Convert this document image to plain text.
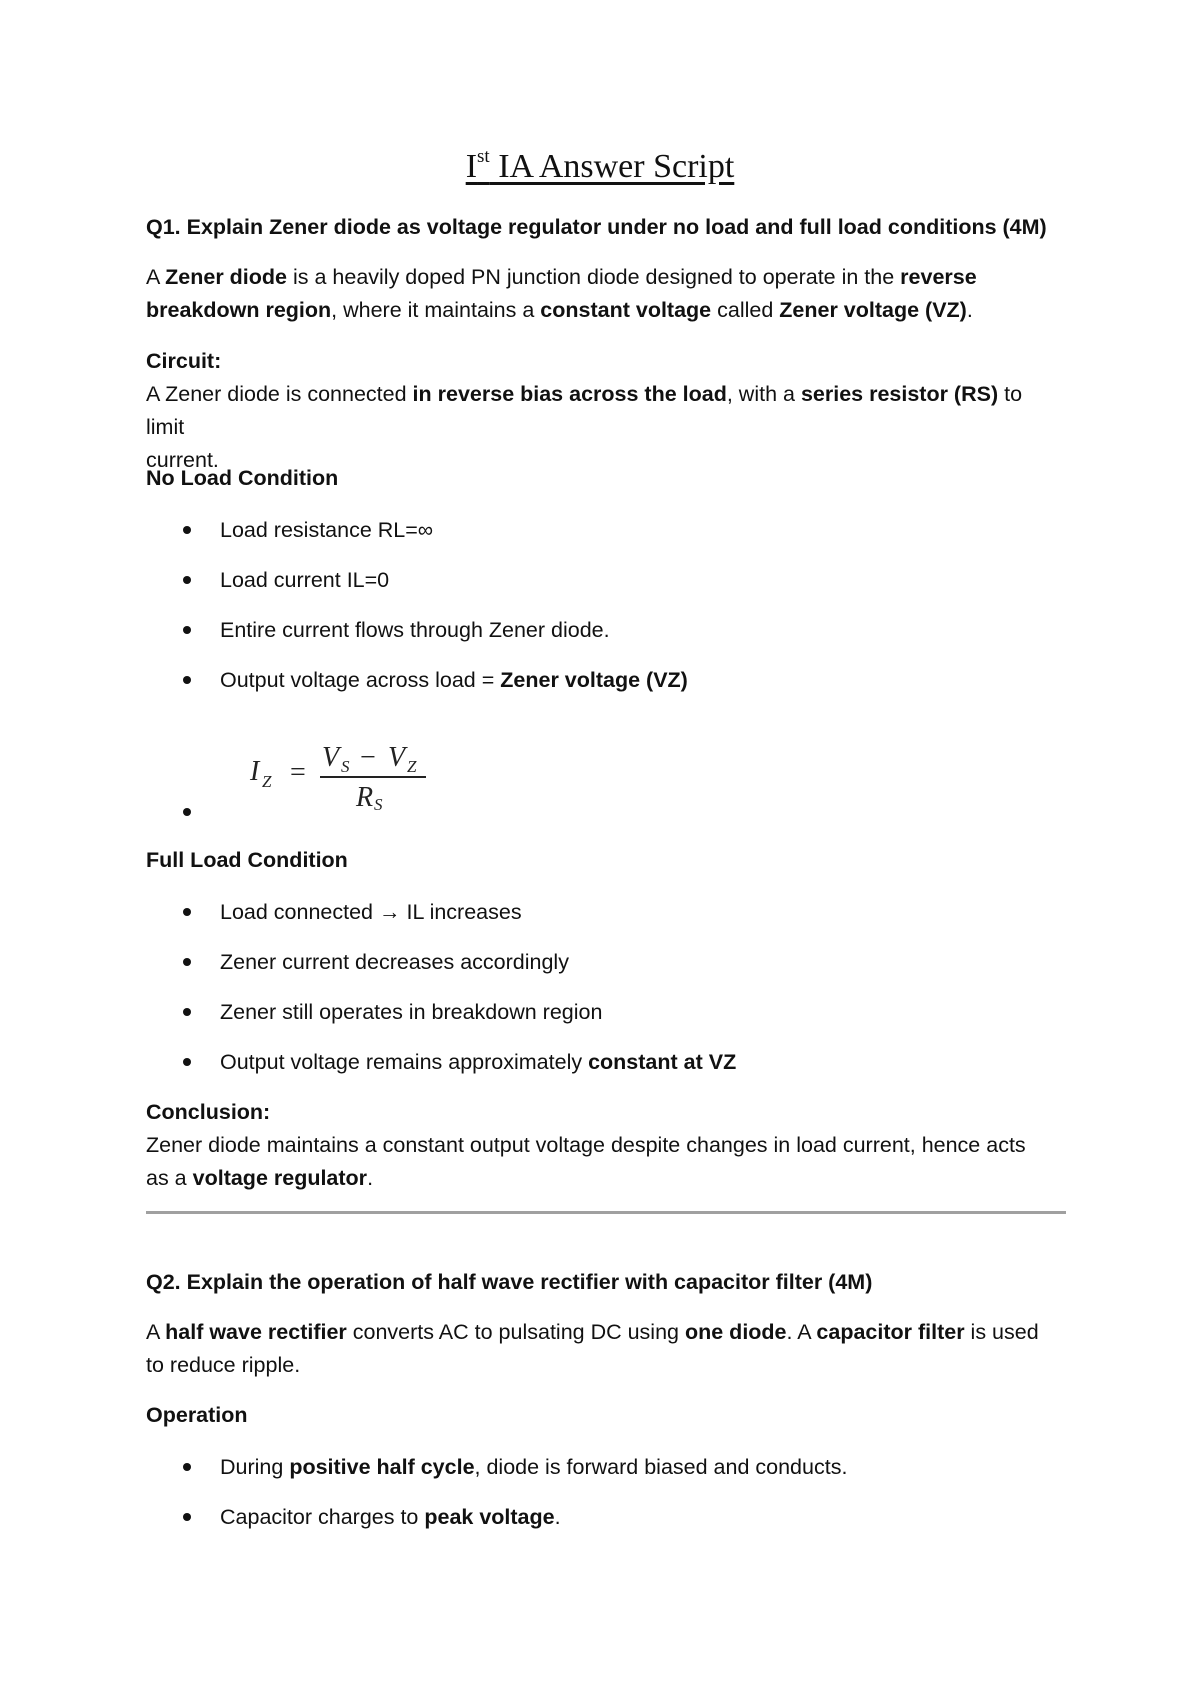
Ist IA Answer Script

Q1. Explain Zener diode as voltage regulator under no load and full load conditions (4M)

A Zener diode is a heavily doped PN junction diode designed to operate in the reverse
breakdown region, where it maintains a constant voltage called Zener voltage (VZ).

Circuit:

A Zener diode is connected in reverse bias across the load, with a series resistor (RS) to limit
current.

No Load Condition

Load resistance RL=∞
Load current IL=0
Entire current flows through Zener diode.
Output voltage across load = Zener voltage (VZ)
I Z = V S − V Z
R S

Full Load Condition

Load connected → IL increases
Zener current decreases accordingly
Zener still operates in breakdown region
Output voltage remains approximately constant at VZ

Conclusion:

Zener diode maintains a constant output voltage despite changes in load current, hence acts
as a voltage regulator.

Q2. Explain the operation of half wave rectifier with capacitor filter (4M)

A half wave rectifier converts AC to pulsating DC using one diode. A capacitor filter is used
to reduce ripple.

Operation

During positive half cycle, diode is forward biased and conducts.
Capacitor charges to peak voltage.
